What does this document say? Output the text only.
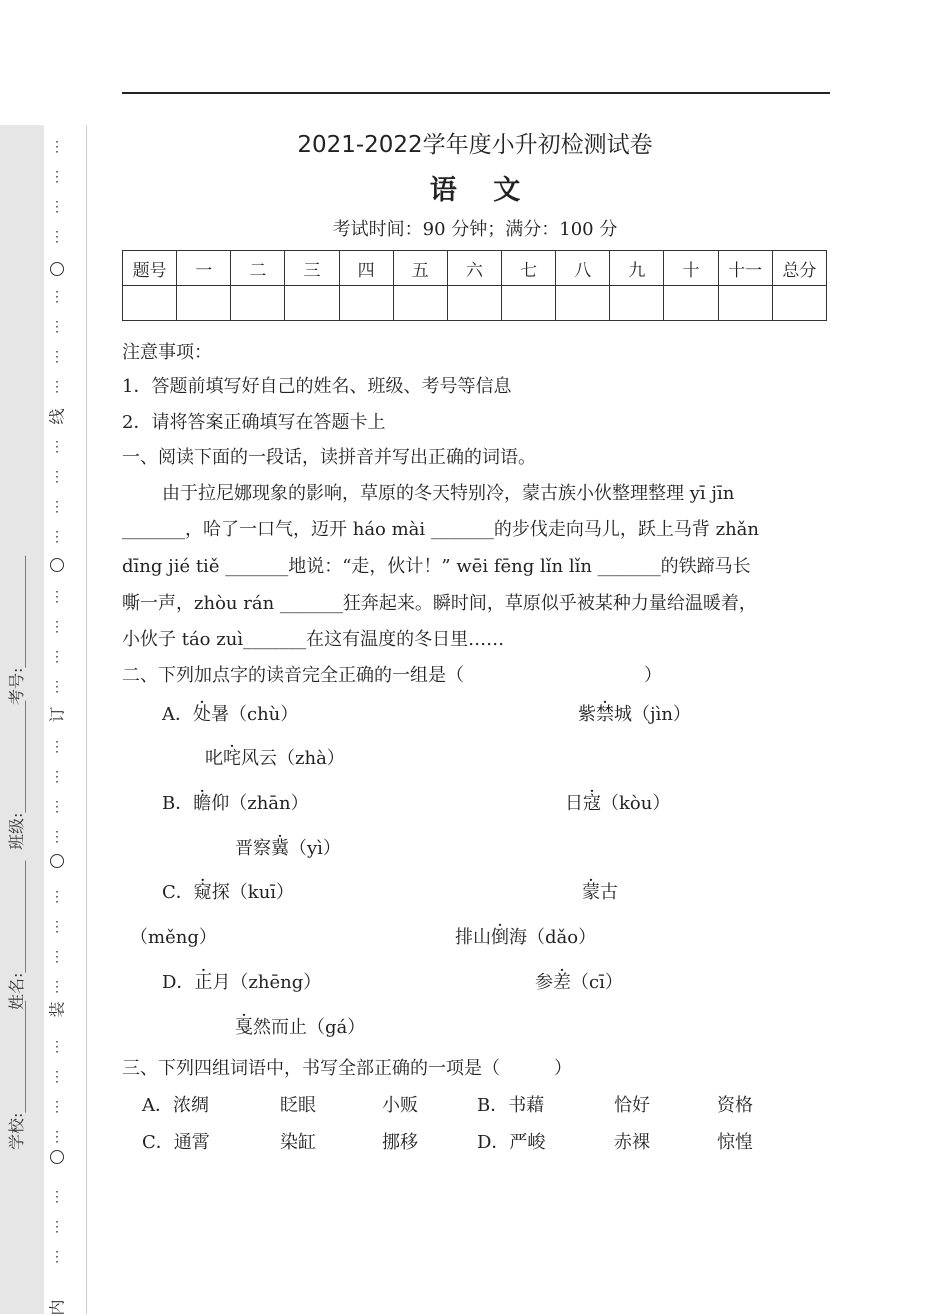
⋮
⋮
⋮
⋮
⋮
⋮
⋮
⋮
⋮
⋮
⋮
⋮
⋮
⋮
⋮
⋮
⋮
⋮
⋮
⋮
⋮
⋮
⋮
⋮
⋮
⋮
⋮
⋮
⋮
⋮
⋮
线
订
装
内
学校:______________
姓名:______________
班级:______________
考号:______________
2021-2022学年度小升初检测试卷
语　 文
考试时间：90 分钟；满分：100 分
题号	一	二	三	四	五	六	七	八	九	十	十一	总分

注意事项：
1．答题前填写好自己的姓名、班级、考号等信息
2．请将答案正确填写在答题卡上
一、阅读下面的一段话，读拼音并写出正确的词语。
由于拉尼娜现象的影响，草原的冬天特别冷，蒙古族小伙整理整理 yī jīn
_______，哈了一口气，迈开 háo mài _______的步伐走向马儿，跃上马背 zhǎn
dīng jié tiě _______地说：“走，伙计！” wēi fēng lǐn lǐn _______的铁蹄马长
嘶一声，zhòu rán _______狂奔起来。瞬时间，草原似乎被某种力量给温暖着，
小伙子 táo zuì_______在这有温度的冬日里……
二、下列加点字的读音完全正确的一组是（　　　　　　　　　　）
A．处暑（chù）	紫禁城（jìn）
叱咤风云（zhà）
B．瞻仰（zhān）	日寇（kòu）
晋察冀（yì）
C．窥探（kuī）	蒙古
（měng）	排山倒海（dǎo）
D．正月（zhēng）	参差（cī）
戛然而止（gá）
三、下列四组词语中，书写全部正确的一项是（　　　）
A．浓绸	眨眼	小贩	B．书藉	恰好	资格
C．通霄	染缸	挪移	D．严峻	赤裸	惊惶
